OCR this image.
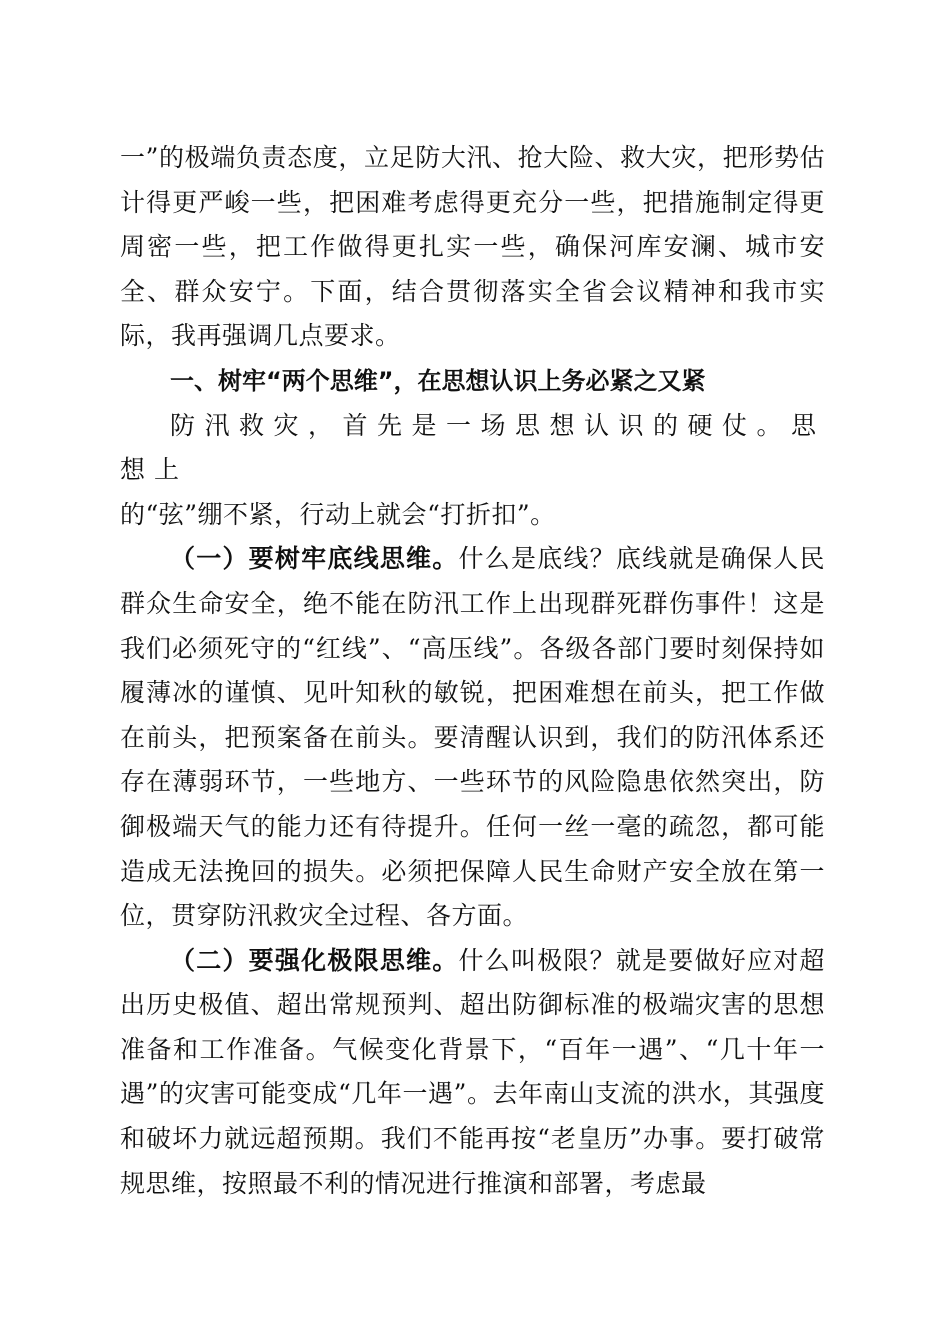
一”的极端负责态度，立足防大汛、抢大险、救大灾，把形势估计得更严峻一些，把困难考虑得更充分一些，把措施制定得更周密一些，把工作做得更扎实一些，确保河库安澜、城市安全、群众安宁。下面，结合贯彻落实全省会议精神和我市实际，我再强调几点要求。

一、树牢“两个思维”，在思想认识上务必紧之又紧

防汛救灾，首先是一场思想认识的硬仗。思想上

的“弦”绷不紧，行动上就会“打折扣”。

（一）要树牢底线思维。什么是底线？底线就是确保人民群众生命安全，绝不能在防汛工作上出现群死群伤事件！这是我们必须死守的“红线”、“高压线”。各级各部门要时刻保持如履薄冰的谨慎、见叶知秋的敏锐，把困难想在前头，把工作做在前头，把预案备在前头。要清醒认识到，我们的防汛体系还存在薄弱环节，一些地方、一些环节的风险隐患依然突出，防御极端天气的能力还有待提升。任何一丝一毫的疏忽，都可能造成无法挽回的损失。必须把保障人民生命财产安全放在第一位，贯穿防汛救灾全过程、各方面。

（二）要强化极限思维。什么叫极限？就是要做好应对超出历史极值、超出常规预判、超出防御标准的极端灾害的思想准备和工作准备。气候变化背景下，“百年一遇”、“几十年一遇”的灾害可能变成“几年一遇”。去年南山支流的洪水，其强度和破坏力就远超预期。我们不能再按“老皇历”办事。要打破常规思维，按照最不利的情况进行推演和部署，考虑最
